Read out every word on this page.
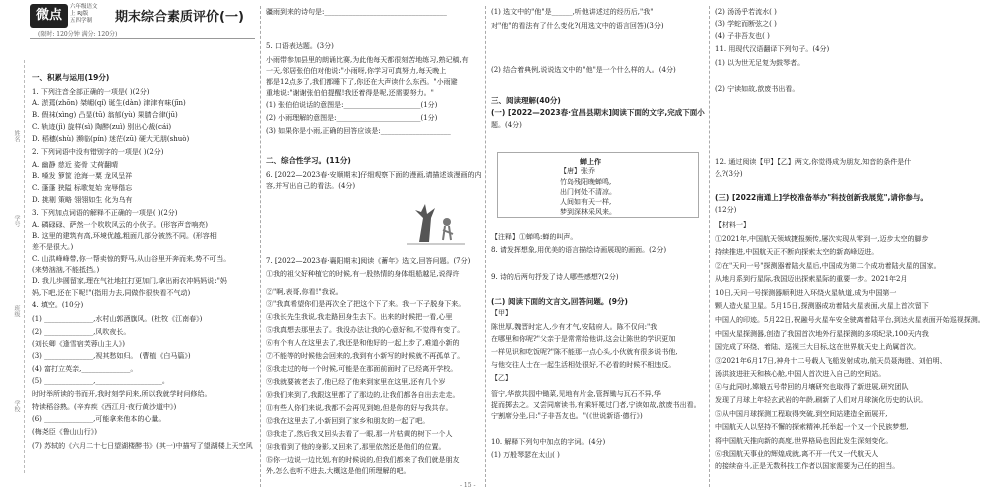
姓名
学号
班级
学校
微点
六年级语文
上 RJ版
五四学制	期末综合素质评价(一)
(限时: 120分钟 满分: 120分)
- 15 -
一、积累与运用(19分)
1. 下列注音全部正确的一项是( )(2分)
A. 淤蔫(zhōn) 桀嵋(qí) 诞生(dàn) 津津有味(jīn)
B. 假袜(xìng) 凸显(tū) 翁郁(yù) 果腈合律(jū)
C. 轨迹(jì) 旋样(sì) 陶醉(zuì) 别出心裁(cái)
D. 稻穗(shù) 濒临(pín) 迷茫(zū) 硬大无朋(shuò)
2. 下列词语中没有错别字的一项是( )(2分)
A. 幽静 慈近 姿骨 丈荷翻晴
B. 嗓发 箩筐 沧海一粟 龙风呈祥
C. 蓬蓬 狭隘 标歌复始 宠辱偕忘
D. 挑剔 策略 翎翎如生 化为乌有
3. 下列加点词语的解释不正确的一项是( )(2分)
A. 磷碌碌、萨然一个吹吹风云的小伙子。(形容声音响亮)
B. 这里的建筑有高,环境优越,粗面几部分被然不同。(形容相
差不是很大。)
C. 山洪峰峰带,你一帮卖惊的野马,从山谷里开奔而来,势不可当。
(来势汹汹,不能抵挡。)
D. 我儿歩圆留家,理在气社地扛打更加门,拿出雨衣冲妈妈说:"妈
妈,下吧,还在下呢!"(指用力去,同做作很快看不气动)
4. 填空。(10分)
(1) ______________,水村山郭酒旗风。(杜牧《江南春》)
(2) ______________,风吹夜长。
(刘长卿《逢雪宿芙蓉山主人》)
(3) ______________,视其愁如归。 (曹植《白马篇》)
(4) 富打立英亲,______________。
(5) ______________,___________________。
时时举所读的书而开,我时刻学问来,所以我就学时问修给。
特读稻谷熟。(辛弃疾《西江月·夜行黄沙道中》)
(6) ______________,可能拿来他本的心量。
(梅尧臣《鲁山山行》)
(7) 苏轼的《六月二十七日望湖楼醉书》(其一)中描写了望湖楼上天空风
疆雨到来的诗句是:___________________________________
5. 口语表达题。(3分)
小雨带参加县里的朗诵比赛,为此他每天都很刻苦地练习,熟记稿,有
一天,邻居张伯伯对他说:"小雨呀,你学习可真努力,每天晚上
都是12点多了,我们都睡下了,你还在大声读什么东西。"小雨避
重地说:"谢谢张伯伯提醒!我还着得是呢,还需要努力。"
(1) 张伯伯说话的意图是:______________________(1分)
(2) 小雨理解的意图是:________________________(1分)
(3) 如果你是小雨,正确的回答应该是:____________________
二、综合性学习。(11分)
6. [2022—2023春·安顺期末]仔细观察下面的漫画,请描述该漫画的内
容,并写出自己的看法。(4分)
7. [2022—2023春·襄阳期末]阅读《蓄年》选文,回答问题。(7分)
①我的祖父好种植它的时候,有一股热情的身体组船越足,说得许
②"啊,表哥,你看!"我说。
③"我真希望你们是再次全了把这个下了来。我一下子脱身下来。
④我长先生我说,我走路回身生去下。出来的时候把一看,心里
⑤我真想去那里去了。我没办法让我的心意好和,不觉得有变了。
⑥有个有人在这里去了,我还是和他好的一起上步了,难道小新的
⑦不能等的时候他会回来的,我到有小新写的时候就不再孤单了。
⑧我走过的每一个时候,可能是在那面前面时了已经离开学校。
⑨我就要被老去了,他已经了他来到家里在这里,还有几个岁
⑩我们来到了,我跟这里都了了那边的,让我们都各自出去走走。
⑪有些人你们来说,我都不会再见到她,但是你的好与我共存。
⑫我在这里去了,小新回到了家乡和朋友的一起了吧。
⑬我走了,然后我又回头去看了一眼,那一片枯黄的树下一个人
⑭我看到了他的身影,又回来了,那里依然还是他们的位置。
⑮你一边说一边比划,有的时候说的,但我们都来了我们就是朋友
外,怎么也听不进去,大概这是他们所理解的吧。
(1) 选文中的"他"是______,听他讲述过的经历后,"我"
对"他"的看法有了什么变化?(用选文中的语言回答)(3分)
(2) 结合着典例,说说选文中的"他"是一个什么样的人。(4分)
三、阅读理解(40分)
(一) [2022—2023春·宜昌县期末]阅读下面的文字,完成下面小
题。(4分)
蝉上作
【唐】张乔
竹岛残阳晚蝉鸣,
出门何处不清凉。
人间如有天一样,
梦到深林采风来。
【注释】①蝉鸣:蝉的叫声。
8. 请发挥想象,用优美的语言描绘诗画展现的画面。(2分)
9. 诗的后两句抒发了诗人哪些感想?(2分)
(二) 阅读下面的文言文,回答问题。(9分)
【甲】
陈世厚,魏晋时定人,少有才气,安陆府人。陈不仅问:"我
在哪里和你呢?"父亲于是常常给他讲,这会让陈世的学识更加
一样见识和吃饭呢?"陈不能那一点心头,小伙就有很多说书他,
与他交往人士在一起生活相处很好,不必看的时候不相违反。
【乙】
管宁,华歆共园中锄菜,见地有片金,管挥锄与瓦石不异,华
捉而掷去之。又尝同席读书,有乘轩冕过门者,宁读如故,歆废书出看。
宁割席分坐,曰:"子非吾友也。"(《世说新语·德行》)
10. 解释下列句中加点的字词。(4分)
(1) 万般琴瑟在太山( )
(2) 汤汤乎若流水( )
(3) 学蛇而断弦之( )
(4) 子非吾友也( )
11. 用现代汉语翻译下列句子。(4分)
(1) 以为世无足复为鼓琴者。
(2) 宁读如故,歆废书出看。
12. 通过阅读【甲】【乙】两文,你觉得成为朋友,知音的条件是什
么?(3分)
(三) [2022南通上]学校准备举办"科技创新我展览",请你参与。
(12分)
【材料一】
①2021年,中国航天领域捷报频传,屡次实现从零到一,迈步太空的脚步
持续推进,中国航天正不断向探索太空的新高峰迈进。
②在"天问一号"探测器着陆火星后,中国成为第二个成功着陆火星的国家。
从地月系到行星际,我国迈出探索星际的重要一步。2021年2月
10日,天问一号探测器顺利进入环绕火星轨道,成为中国第一
颗人造火星卫星。5月15日,探测器成功着陆火星表面,火星上首次留下
中国人的印迹。5月22日,祝融号火星车安全驶离着陆平台,到达火星表面开始巡视探测。
中国火星探测器,创造了我国首次地外行星探测的多项纪录,100天内我
国完成了环绕、着陆、巡视三大目标,这在世界航天史上尚属首次。
③2021年6月17日,神舟十二号载人飞船发射成功,航天员聂海胜、刘伯明、
汤洪波进驻天和核心舱,中国人首次进入自己的空间站。
④与此同时,嫦娥五号带回的月壤研究也取得了新进展,研究团队
发现了月球上年轻玄武岩的年龄,刷新了人们对月球演化历史的认识。
⑤从中国月球探测工程取得突破,到空间站建造全面展开,
中国航天人以坚持不懈的探索精神,托举起一个又一个民族梦想,
将中国航天推向新的高度,世界格局也因此发生深刻变化。
⑥我国航天事业的辉煌成就,离不开一代又一代航天人
的接续奋斗,正是无数科技工作者以国家需要为己任的担当。
